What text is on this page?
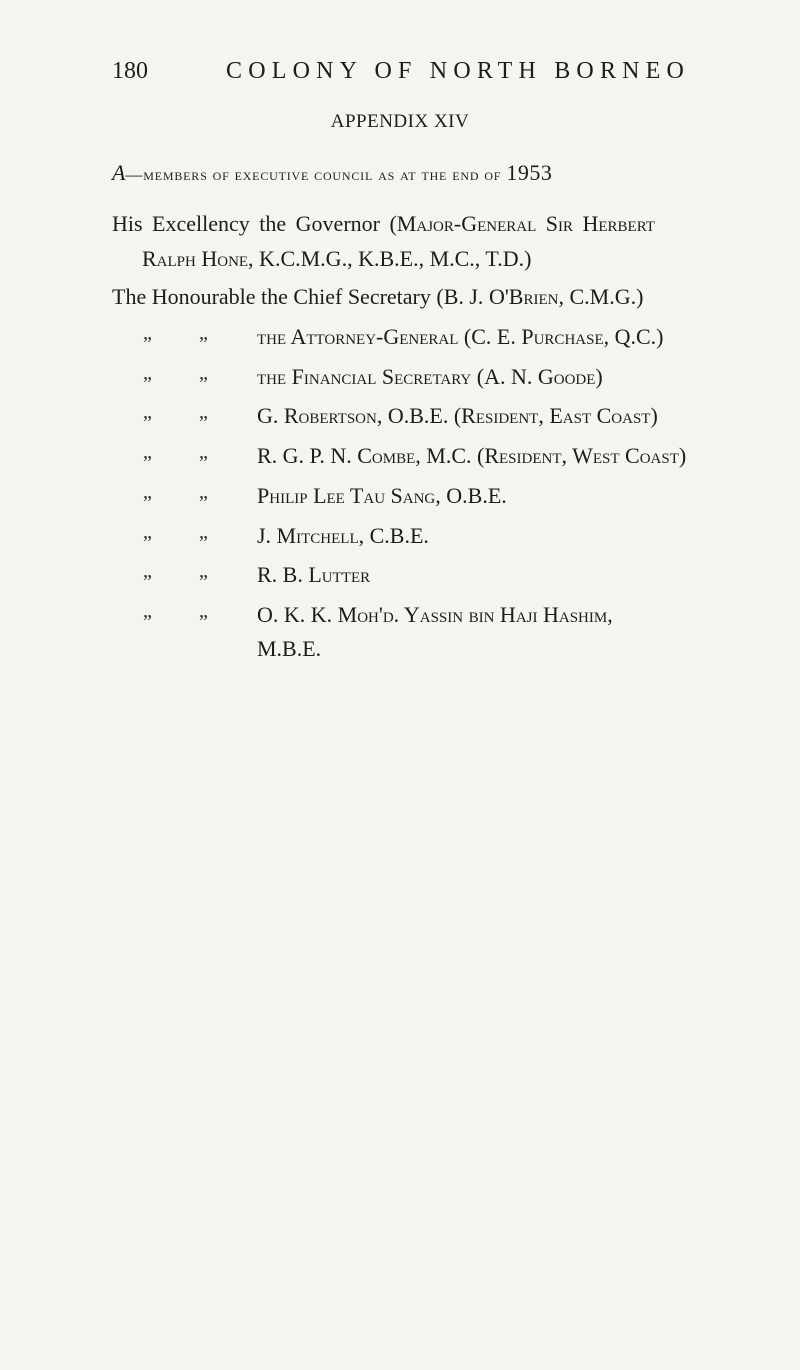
180	COLONY OF NORTH BORNEO
APPENDIX XIV
A—members of executive council as at the end of 1953
His Excellency the Governor (Major-General Sir Herbert
Ralph Hone, K.C.M.G., K.B.E., M.C., T.D.)
The Honourable the Chief Secretary (B. J. O'Brien, C.M.G.)
„ „ the Attorney-General (C. E. Purchase, Q.C.)
„ „ the Financial Secretary (A. N. Goode)
„ „ G. Robertson, O.B.E. (Resident, East Coast)
„ „ R. G. P. N. Combe, M.C. (Resident, West Coast)
„ „ Philip Lee Tau Sang, O.B.E.
„ „ J. Mitchell, C.B.E.
„ „ R. B. Lutter
„ „ O. K. K. Moh'd. Yassin bin Haji Hashim,
M.B.E.
